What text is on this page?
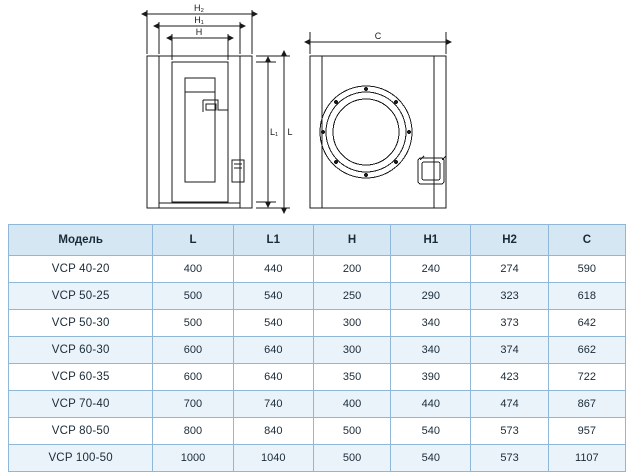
H₂
H₁
H
L
L₁
C
Модель	L	L1	H	H1	H2	C
VCP 40-20	400	440	200	240	274	590
VCP 50-25	500	540	250	290	323	618
VCP 50-30	500	540	300	340	373	642
VCP 60-30	600	640	300	340	374	662
VCP 60-35	600	640	350	390	423	722
VCP 70-40	700	740	400	440	474	867
VCP 80-50	800	840	500	540	573	957
VCP 100-50	1000	1040	500	540	573	1107
